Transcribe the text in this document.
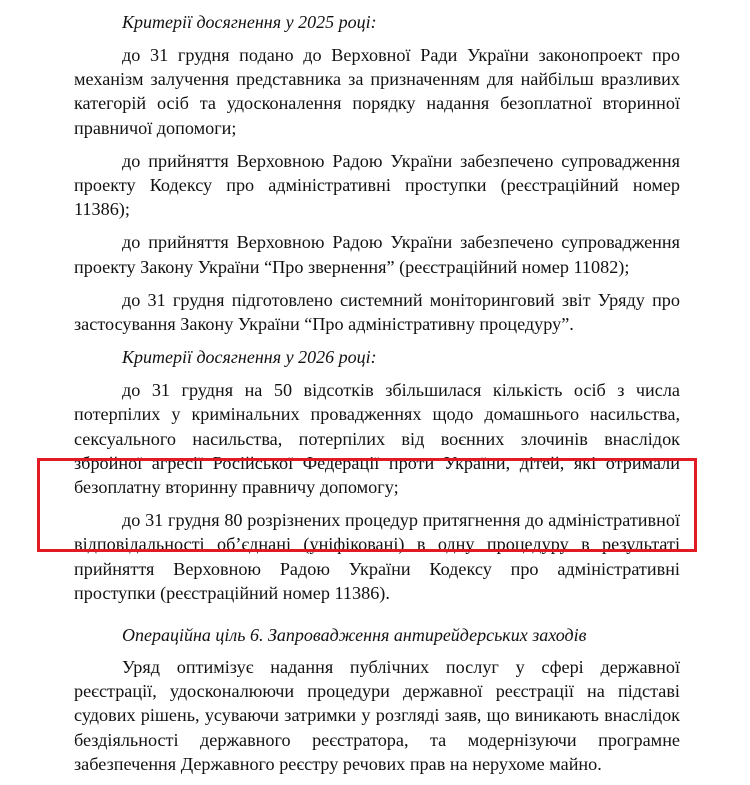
Критерії досягнення у 2025 році:

до 31 грудня подано до Верховної Ради України законопроект про механізм залучення представника за призначенням для найбільш вразливих категорій осіб та удосконалення порядку надання безоплатної вторинної правничої допомоги;

до прийняття Верховною Радою України забезпечено супровадження проекту Кодексу про адміністративні проступки (реєстраційний номер 11386);

до прийняття Верховною Радою України забезпечено супровадження проекту Закону України “Про звернення” (реєстраційний номер 11082);

до 31 грудня підготовлено системний моніторинговий звіт Уряду про застосування Закону України “Про адміністративну процедуру”.

Критерії досягнення у 2026 році:

до 31 грудня на 50 відсотків збільшилася кількість осіб з числа потерпілих у кримінальних провадженнях щодо домашнього насильства, сексуального насильства, потерпілих від воєнних злочинів внаслідок збройної агресії Російської Федерації проти України, дітей, які отримали безоплатну вторинну правничу допомогу;

до 31 грудня 80 розрізнених процедур притягнення до адміністративної відповідальності об’єднані (уніфіковані) в одну процедуру в результаті прийняття Верховною Радою України Кодексу про адміністративні проступки (реєстраційний номер 11386).

Операційна ціль 6. Запровадження антирейдерських заходів

Уряд оптимізує надання публічних послуг у сфері державної реєстрації, удосконалюючи процедури державної реєстрації на підставі судових рішень, усуваючи затримки у розгляді заяв, що виникають внаслідок бездіяльності державного реєстратора, та модернізуючи програмне забезпечення Державного реєстру речових прав на нерухоме майно.
